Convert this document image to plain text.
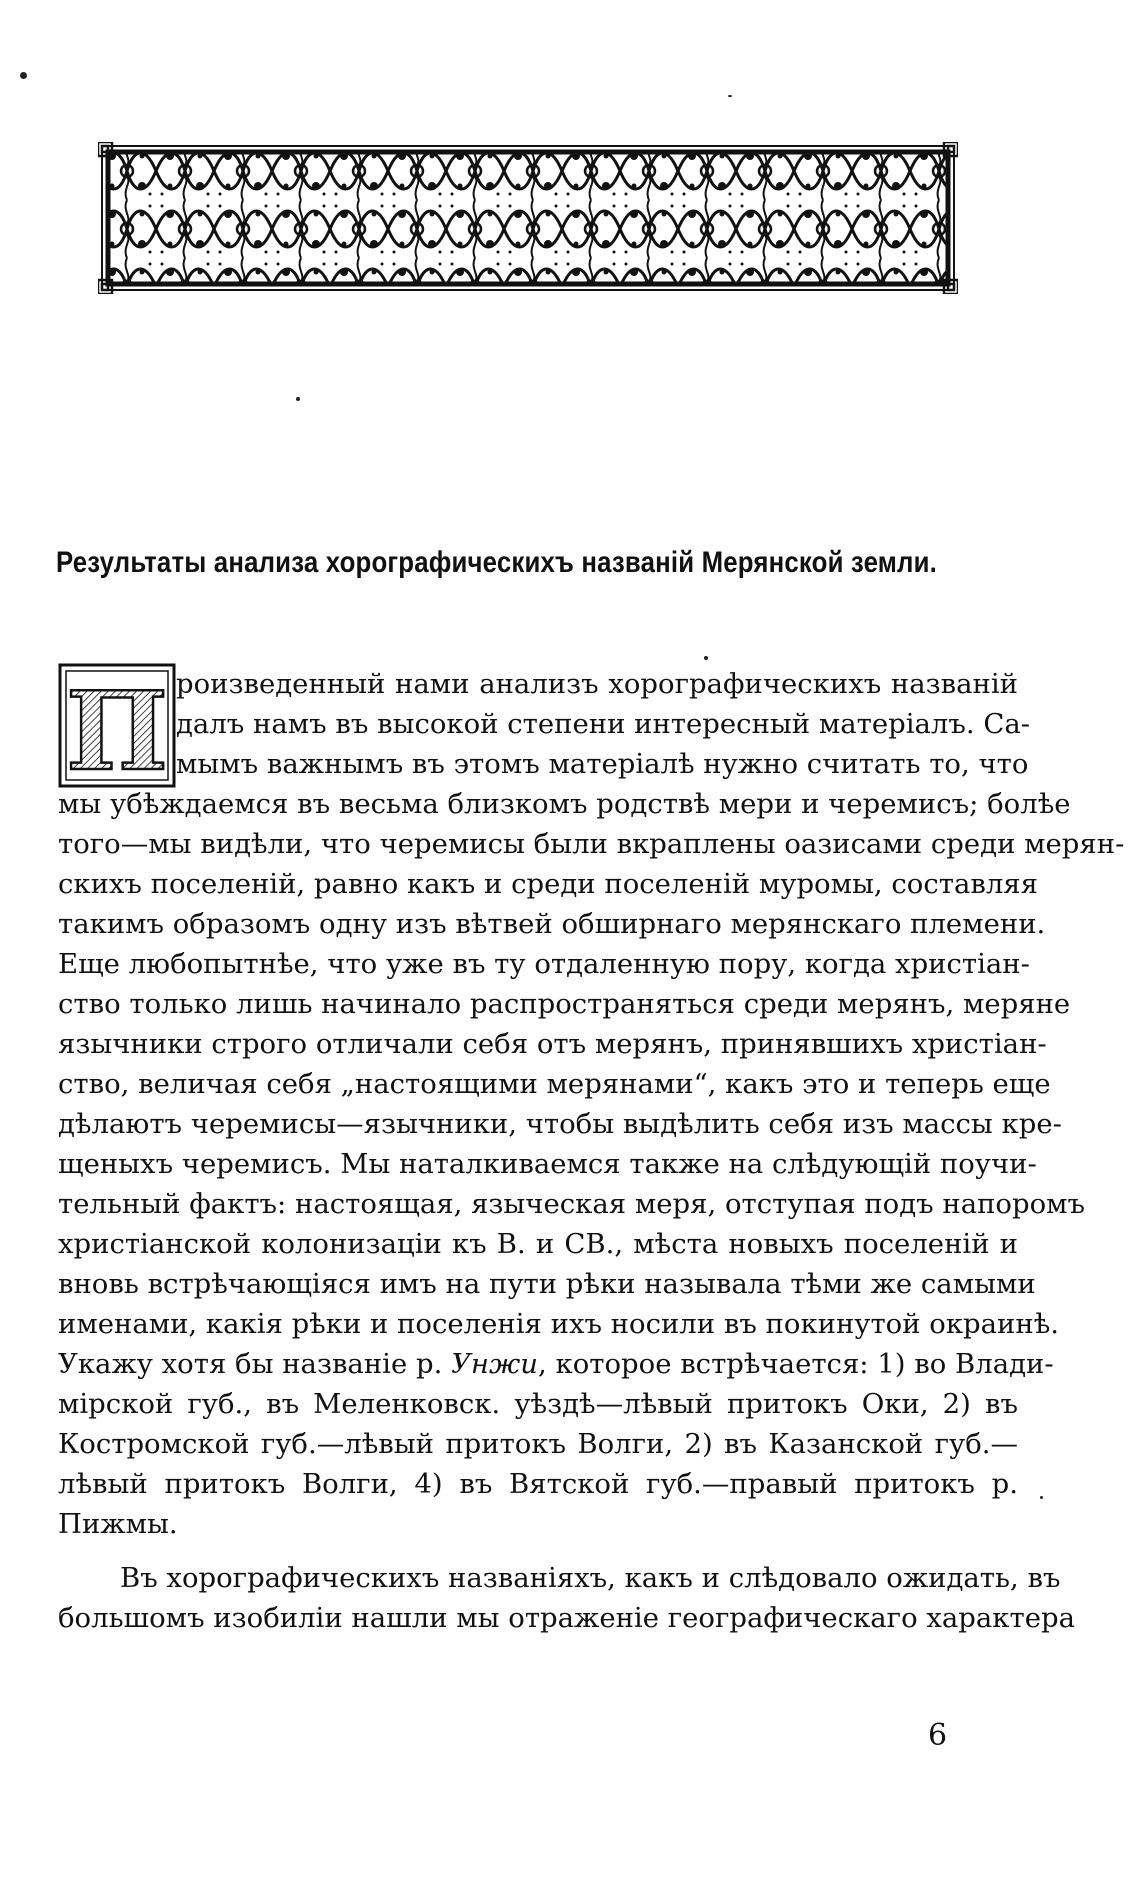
Результаты анализа хорографическихъ названій Мерянской земли.
П роизведенный нами анализъ хорографическихъ названій
далъ намъ въ высокой степени интересный матеріалъ. Са-
мымъ важнымъ въ этомъ матеріалѣ нужно считать то, что
мы убѣждаемся въ весьма близкомъ родствѣ мери и черемисъ; болѣе
того—мы видѣли, что черемисы были вкраплены оазисами среди мерян-
скихъ поселеній, равно какъ и среди поселеній муромы, составляя
такимъ образомъ одну изъ вѣтвей обширнаго мерянскаго племени.
Еще любопытнѣе, что уже въ ту отдаленную пору, когда христіан-
ство только лишь начинало распространяться среди мерянъ, меряне
язычники строго отличали себя отъ мерянъ, принявшихъ христіан-
ство, величая себя „настоящими мерянами“, какъ это и теперь еще
дѣлаютъ черемисы—язычники, чтобы выдѣлить себя изъ массы кре-
щеныхъ черемисъ. Мы наталкиваемся также на слѣдующій поучи-
тельный фактъ: настоящая, языческая меря, отступая подъ напоромъ
христіанской колонизаціи къ В. и СВ., мѣста новыхъ поселеній и
вновь встрѣчающіяся имъ на пути рѣки называла тѣми же самыми
именами, какія рѣки и поселенія ихъ носили въ покинутой окраинѣ.
Укажу хотя бы названіе р. Унжи, которое встрѣчается: 1) во Влади-
мірской губ., въ Меленковск. уѣздѣ—лѣвый притокъ Оки, 2) въ
Костромской губ.—лѣвый притокъ Волги, 2) въ Казанской губ.—
лѣвый притокъ Волги, 4) въ Вятской губ.—правый притокъ р.
Пижмы.
Въ хорографическихъ названіяхъ, какъ и слѣдовало ожидать, въ
большомъ изобиліи нашли мы отраженіе географическаго характера
6
